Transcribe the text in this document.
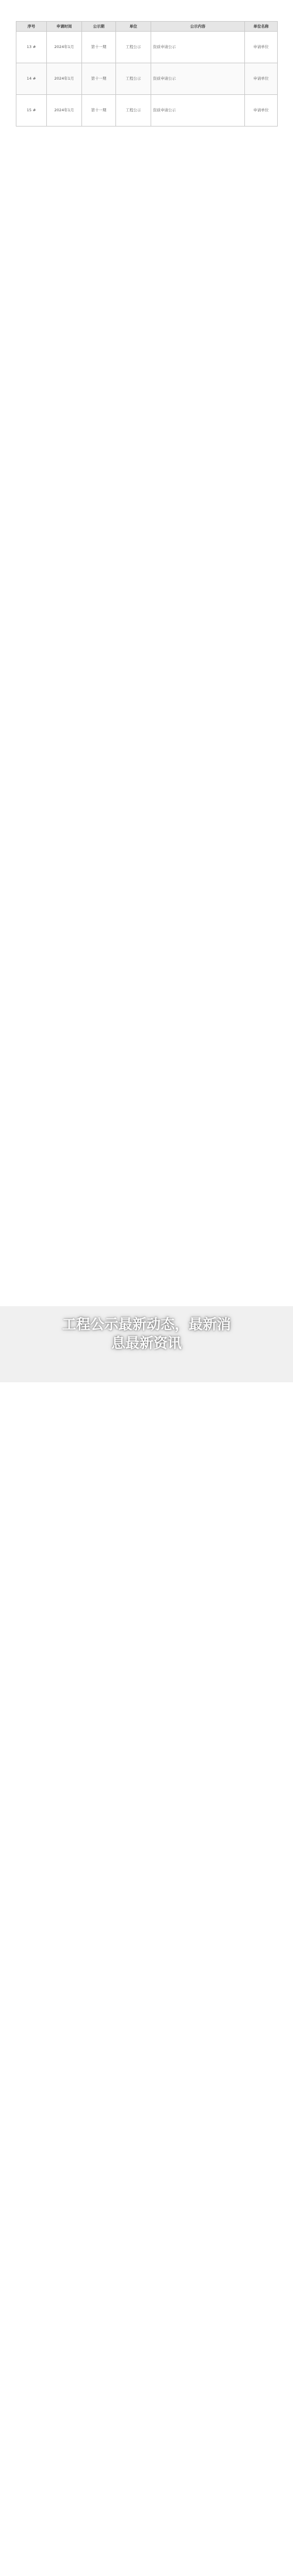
序号	申请时间	公示期	单位	公示内容	单位名称
13 #	2024年1月	第十一期	工程公示	资质申请公示	申请单位
14 #	2024年1月	第十一期	工程公示	资质申请公示	申请单位
15 #	2024年1月	第十一期	工程公示	资质申请公示	申请单位
工程公示最新动态，最新消息最新资讯
